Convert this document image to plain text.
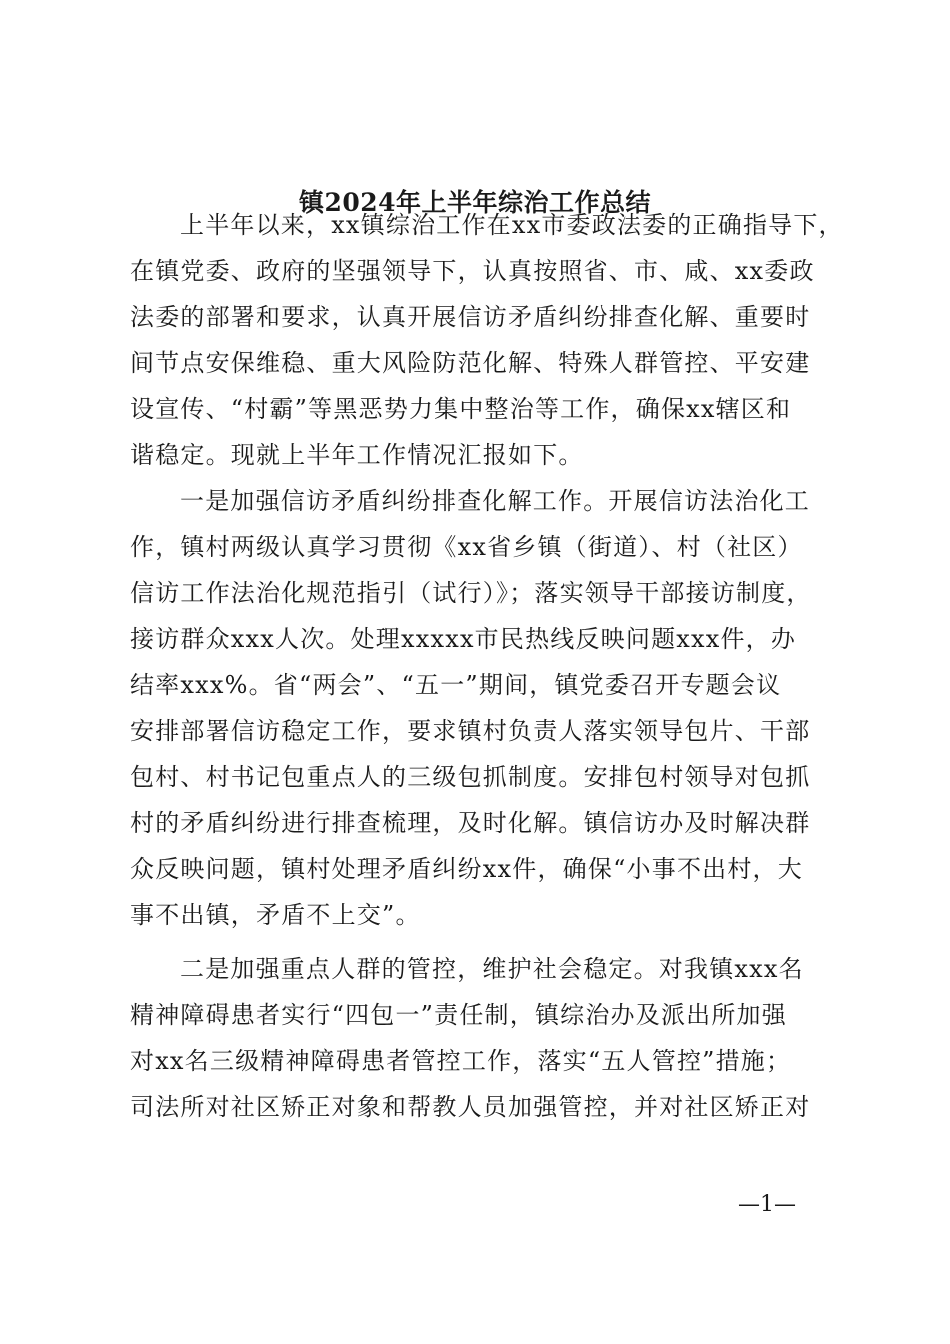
镇2024年上半年综治工作总结
上半年以来，xx镇综治工作在xx市委政法委的正确指导下，
在镇党委、政府的坚强领导下，认真按照省、市、咸、xx委政
法委的部署和要求，认真开展信访矛盾纠纷排查化解、重要时
间节点安保维稳、重大风险防范化解、特殊人群管控、平安建
设宣传、“村霸”等黑恶势力集中整治等工作，确保xx辖区和
谐稳定。现就上半年工作情况汇报如下。
一是加强信访矛盾纠纷排查化解工作。开展信访法治化工
作，镇村两级认真学习贯彻《xx省乡镇（街道）、村（社区）
信访工作法治化规范指引（试行）》；落实领导干部接访制度，
接访群众xxx人次。处理xxxxx市民热线反映问题xxx件，办
结率xxx%。省“两会”、“五一”期间，镇党委召开专题会议
安排部署信访稳定工作，要求镇村负责人落实领导包片、干部
包村、村书记包重点人的三级包抓制度。安排包村领导对包抓
村的矛盾纠纷进行排查梳理，及时化解。镇信访办及时解决群
众反映问题，镇村处理矛盾纠纷xx件，确保“小事不出村，大
事不出镇，矛盾不上交”。
二是加强重点人群的管控，维护社会稳定。对我镇xxx名
精神障碍患者实行“四包一”责任制，镇综治办及派出所加强
对xx名三级精神障碍患者管控工作，落实“五人管控”措施；
司法所对社区矫正对象和帮教人员加强管控，并对社区矫正对
—1—
